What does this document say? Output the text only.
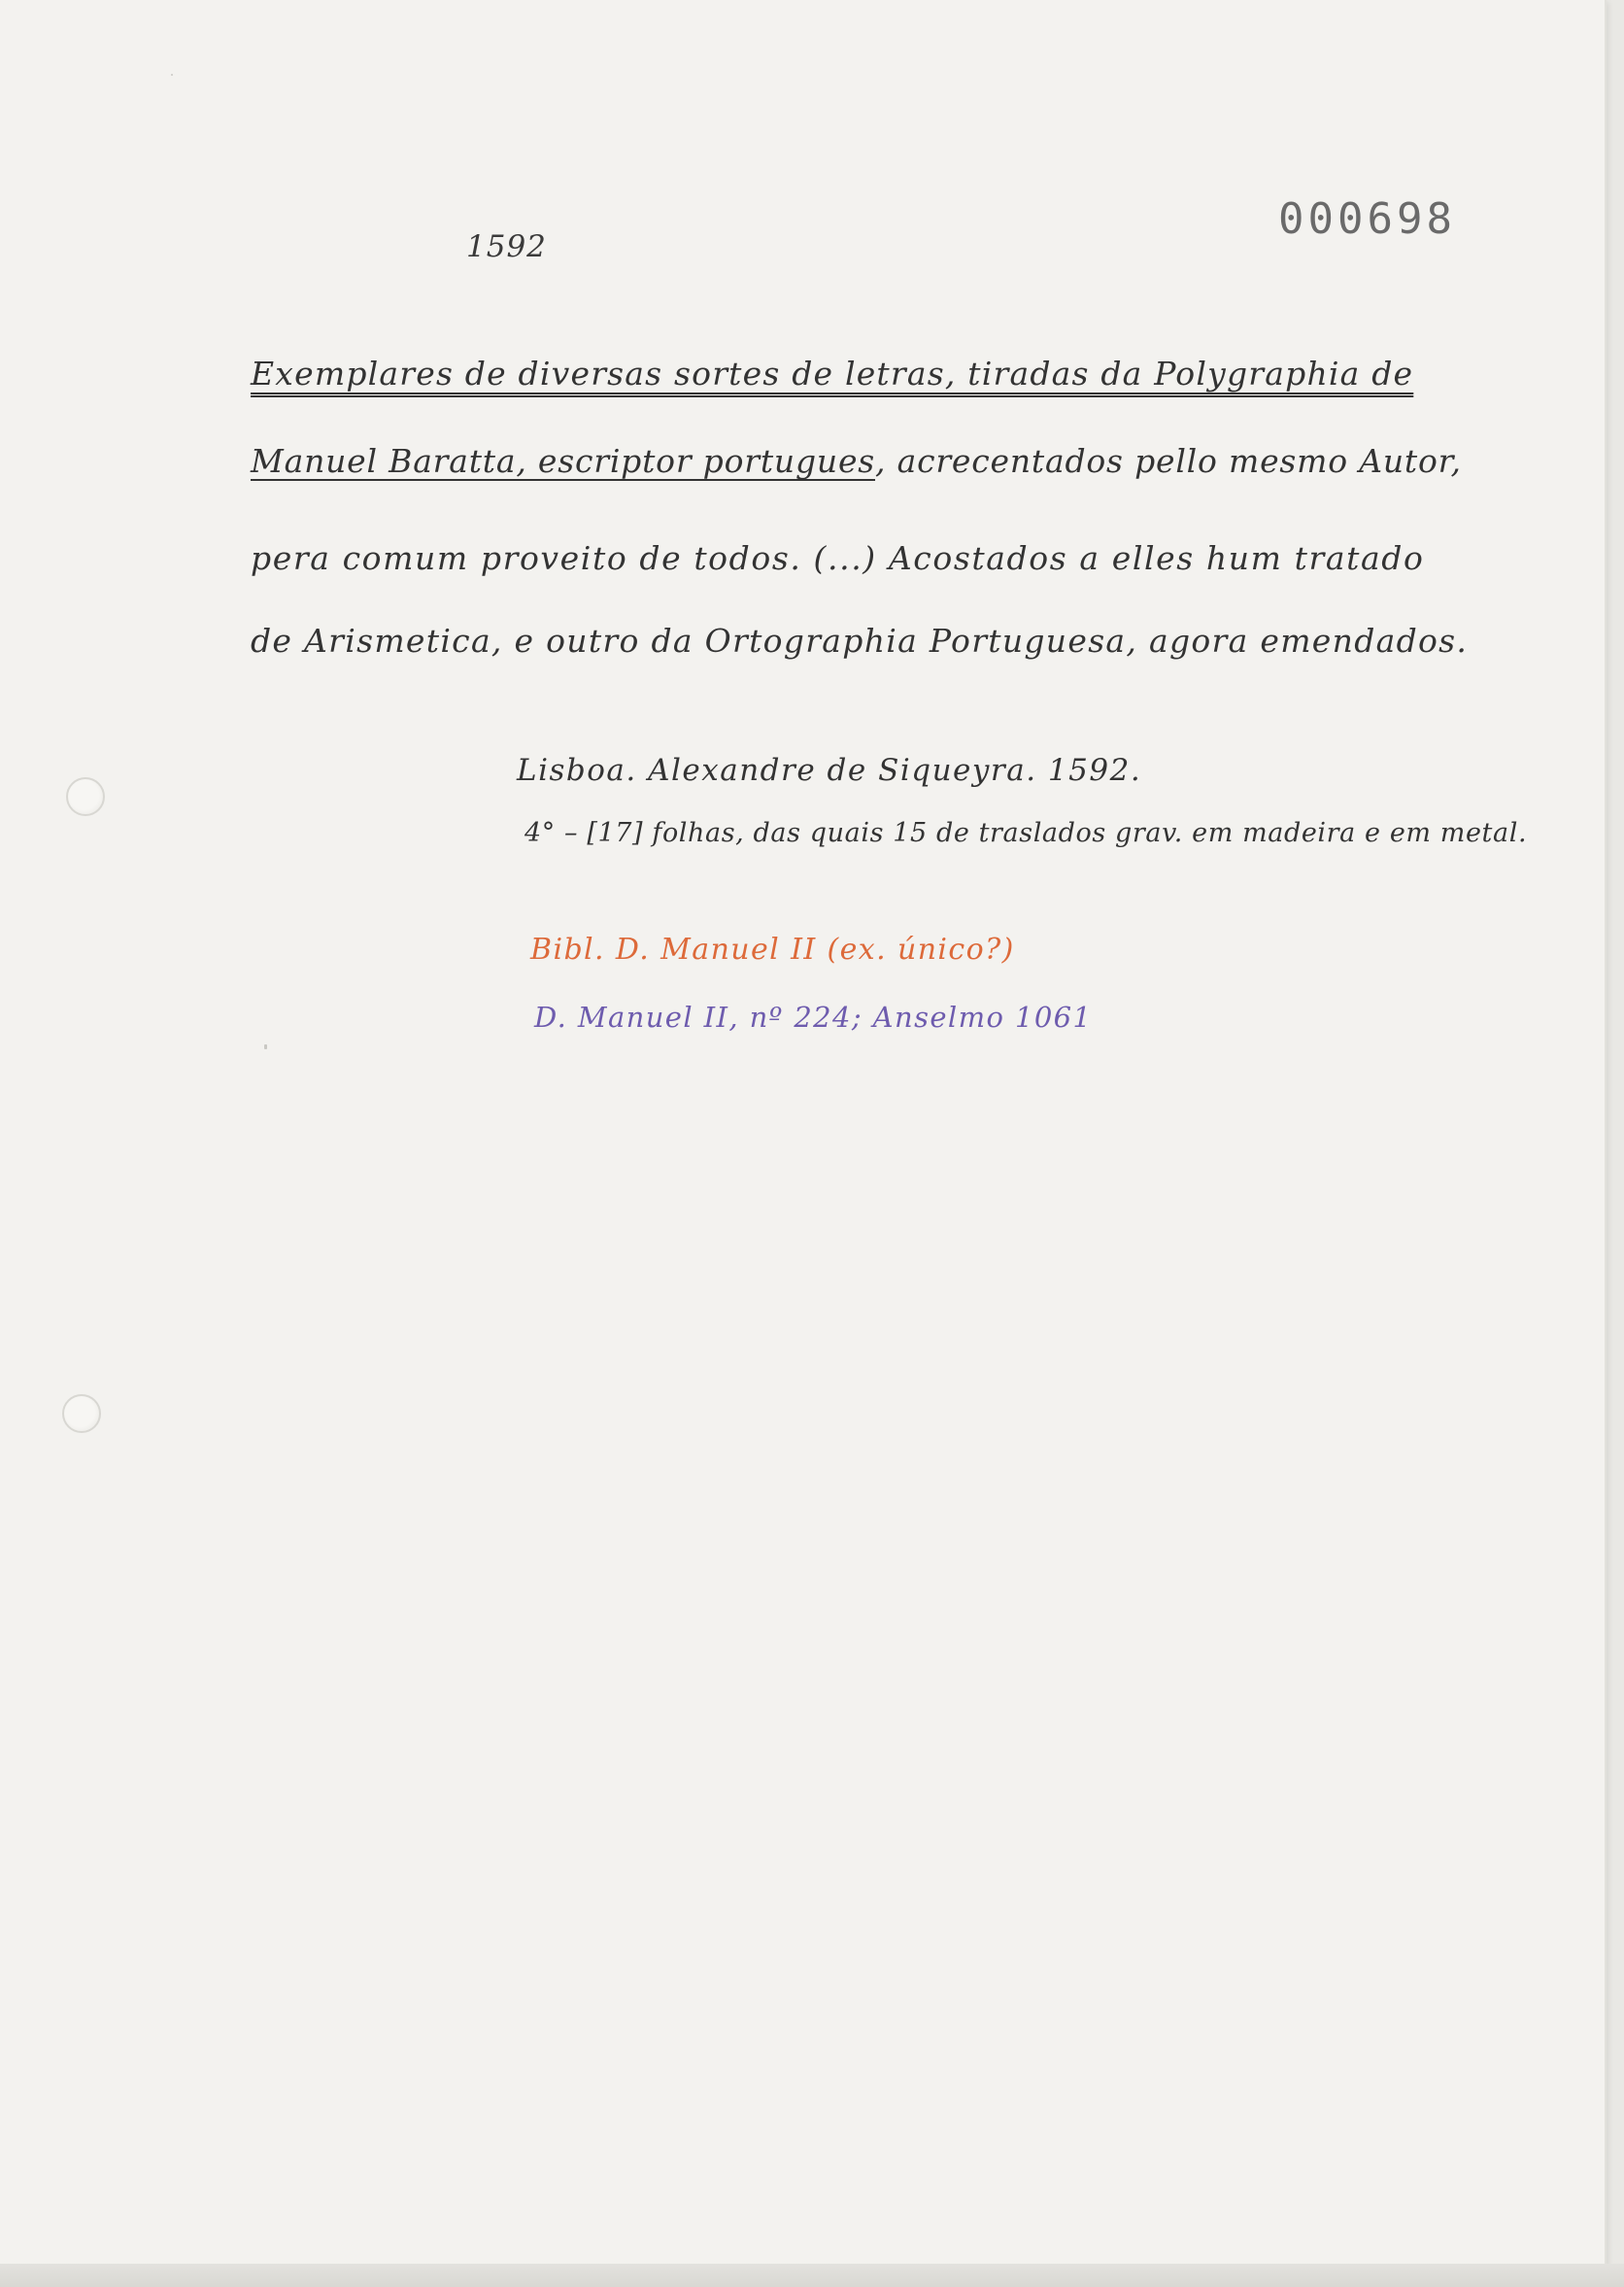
1592
000698
Exemplares de diversas sortes de letras, tiradas da Polygraphia de
Manuel Baratta, escriptor portugues, acrecentados pello mesmo Autor,
pera comum proveito de todos. (...) Acostados a elles hum tratado
de Arismetica, e outro da Ortographia Portuguesa, agora emendados.
Lisboa. Alexandre de Siqueyra. 1592.
4° – [17] folhas, das quais 15 de traslados grav. em madeira e em metal.
Bibl. D. Manuel II (ex. único?)
D. Manuel II, nº 224; Anselmo 1061
